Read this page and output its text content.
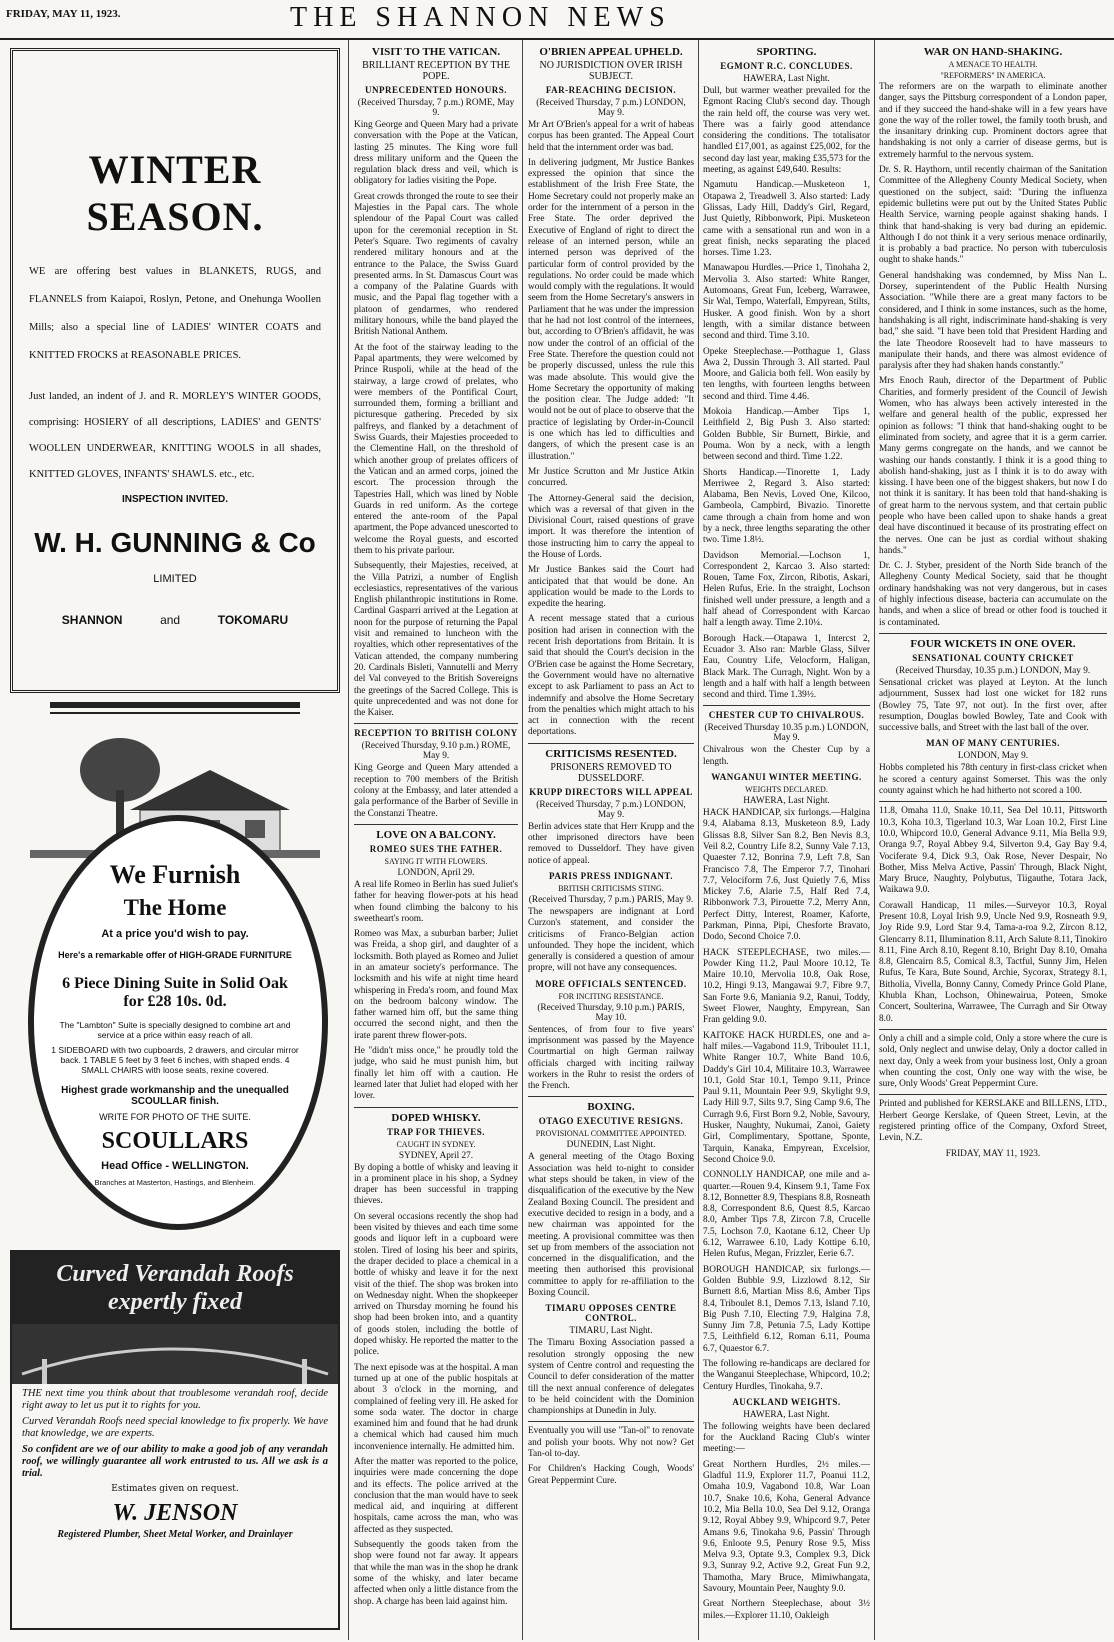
FRIDAY, MAY 11, 1923.	THE SHANNON NEWS
WINTER SEASON.

WE are offering best values in BLANKETS, RUGS, and FLANNELS from Kaiapoi, Roslyn, Petone, and Onehunga Woollen Mills; also a special line of LADIES' WINTER COATS and KNITTED FROCKS at REASONABLE PRICES.

Just landed, an indent of J. and R. MORLEY'S WINTER GOODS, comprising: HOSIERY of all descriptions, LADIES' and GENTS' WOOLLEN UNDERWEAR, KNITTING WOOLS in all shades, KNITTED GLOVES, INFANTS' SHAWLS. etc., etc.

INSPECTION INVITED.
W. H. GUNNING & Co
LIMITED
SHANNON	and	TOKOMARU
We Furnish
The Home
At a price you'd wish to pay.
Here's a remarkable offer of HIGH-GRADE FURNITURE
6 Piece Dining Suite in Solid Oak for £28 10s. 0d.
The "Lambton" Suite is specially designed to combine art and service at a price within easy reach of all.
1 SIDEBOARD with two cupboards, 2 drawers, and circular mirror back. 1 TABLE 5 feet by 3 feet 6 inches, with shaped ends. 4 SMALL CHAIRS with loose seats, rexine covered.
Highest grade workmanship and the unequalled SCOULLAR finish.
WRITE FOR PHOTO OF THE SUITE.
SCOULLARS
Head Office - WELLINGTON.
Branches at Masterton, Hastings, and Blenheim.
Curved Verandah Roofs
expertly fixed

THE next time you think about that troublesome verandah roof, decide right away to let us put it to rights for you.

Curved Verandah Roofs need special knowledge to fix properly. We have that knowledge, we are experts.

So confident are we of our ability to make a good job of any verandah roof, we willingly guarantee all work entrusted to us. All we ask is a trial.

Estimates given on request.
W. JENSON
Registered Plumber, Sheet Metal Worker, and Drainlayer
VISIT TO THE VATICAN.
BRILLIANT RECEPTION BY THE POPE.
UNPRECEDENTED HONOURS.
(Received Thursday, 7 p.m.) ROME, May 9.

King George and Queen Mary had a private conversation with the Pope at the Vatican, lasting 25 minutes. The King wore full dress military uniform and the Queen the regulation black dress and veil, which is obligatory for ladies visiting the Pope.

Great crowds thronged the route to see their Majesties in the Papal cars. The whole splendour of the Papal Court was called upon for the ceremonial reception in St. Peter's Square. Two regiments of cavalry rendered military honours and at the entrance to the Palace, the Swiss Guard presented arms. In St. Damascus Court was a company of the Palatine Guards with music, and the Papal flag together with a platoon of gendarmes, who rendered military honours, while the band played the British National Anthem.

At the foot of the stairway leading to the Papal apartments, they were welcomed by Prince Ruspoli, while at the head of the stairway, a large crowd of prelates, who were members of the Pontifical Court, surrounded them, forming a brilliant and picturesque gathering. Preceded by six palfreys, and flanked by a detachment of Swiss Guards, their Majesties proceeded to the Clementine Hall, on the threshold of which another group of prelates officers of the Vatican and an armed corps, joined the escort. The procession through the Tapestries Hall, which was lined by Noble Guards in red uniform. As the cortege entered the ante-room of the Papal apartment, the Pope advanced unescorted to welcome the Royal guests, and escorted them to his private parlour.

Subsequently, their Majesties, received, at the Villa Patrizi, a number of English ecclesiastics, representatives of the various English philanthropic institutions in Rome. Cardinal Gasparri arrived at the Legation at noon for the purpose of returning the Papal visit and remained to luncheon with the royalties, which other representatives of the Vatican attended, the company numbering 20. Cardinals Bisleti, Vannutelli and Merry del Val conveyed to the British Sovereigns the greetings of the Sacred College. This is quite unprecedented and was not done for the Kaiser.

RECEPTION TO BRITISH COLONY
(Received Thursday, 9.10 p.m.) ROME, May 9.

King George and Queen Mary attended a reception to 700 members of the British colony at the Embassy, and later attended a gala performance of the Barber of Seville in the Constanzi Theatre.

LOVE ON A BALCONY.
ROMEO SUES THE FATHER.
SAYING IT WITH FLOWERS.
LONDON, April 29.

A real life Romeo in Berlin has sued Juliet's father for heaving flower-pots at his head when found climbing the balcony to his sweetheart's room.

Romeo was Max, a suburban barber; Juliet was Freida, a shop girl, and daughter of a locksmith. Both played as Romeo and Juliet in an amateur society's performance. The locksmith and his wife at night time heard whispering in Freda's room, and found Max on the bedroom balcony window. The father warned him off, but the same thing occurred the second night, and then the irate parent threw flower-pots.

He "didn't miss once," he proudly told the judge, who said he must punish him, but finally let him off with a caution. He learned later that Juliet had eloped with her lover.

DOPED WHISKY.
TRAP FOR THIEVES.
CAUGHT IN SYDNEY.
SYDNEY, April 27.

By doping a bottle of whisky and leaving it in a prominent place in his shop, a Sydney draper has been successful in trapping thieves.

On several occasions recently the shop had been visited by thieves and each time some goods and liquor left in a cupboard were stolen. Tired of losing his beer and spirits, the draper decided to place a chemical in a bottle of whisky and leave it for the next visit of the thief. The shop was broken into on Wednesday night. When the shopkeeper arrived on Thursday morning he found his shop had been broken into, and a quantity of goods stolen, including the bottle of doped whisky. He reported the matter to the police.

The next episode was at the hospital. A man turned up at one of the public hospitals at about 3 o'clock in the morning, and complained of feeling very ill. He asked for some soda water. The doctor in charge examined him and found that he had drunk a chemical which had caused him much inconvenience internally. He admitted him.

After the matter was reported to the police, inquiries were made concerning the dope and its effects. The police arrived at the conclusion that the man would have to seek medical aid, and inquiring at different hospitals, came across the man, who was affected as they suspected.

Subsequently the goods taken from the shop were found not far away. It appears that while the man was in the shop he drank some of the whisky, and later became affected when only a little distance from the shop. A charge has been laid against him.

O'BRIEN APPEAL UPHELD.
NO JURISDICTION OVER IRISH SUBJECT.
FAR-REACHING DECISION.
(Received Thursday, 7 p.m.) LONDON, May 9.

Mr Art O'Brien's appeal for a writ of habeas corpus has been granted. The Appeal Court held that the internment order was bad.

In delivering judgment, Mr Justice Bankes expressed the opinion that since the establishment of the Irish Free State, the Home Secretary could not properly make an order for the internment of a person in the Free State. The order deprived the Executive of England of right to direct the release of an interned person, while an interned person was deprived of the particular form of control provided by the regulations. No order could be made which would comply with the regulations. It would seem from the Home Secretary's answers in Parliament that he was under the impression that he had not lost control of the internees, but, according to O'Brien's affidavit, he was now under the control of an official of the Free State. Therefore the question could not be properly discussed, unless the rule this was made absolute. This would give the Home Secretary the opportunity of making the position clear. The Judge added: "It would not be out of place to observe that the practice of legislating by Order-in-Council is one which has led to difficulties and dangers, of which the present case is an illustration."

Mr Justice Scrutton and Mr Justice Atkin concurred.

The Attorney-General said the decision, which was a reversal of that given in the Divisional Court, raised questions of grave import. It was therefore the intention of those instructing him to carry the appeal to the House of Lords.

Mr Justice Bankes said the Court had anticipated that that would be done. An application would be made to the Lords to expedite the hearing.

A recent message stated that a curious position had arisen in connection with the recent Irish deportations from Britain. It is said that should the Court's decision in the O'Brien case be against the Home Secretary, the Government would have no alternative except to ask Parliament to pass an Act to indemnify and absolve the Home Secretary from the penalties which might attach to his act in connection with the recent deportations.

CRITICISMS RESENTED.
PRISONERS REMOVED TO DUSSELDORF.
KRUPP DIRECTORS WILL APPEAL
(Received Thursday, 7 p.m.) LONDON, May 9.

Berlin advices state that Herr Krupp and the other imprisoned directors have been removed to Dusseldorf. They have given notice of appeal.

PARIS PRESS INDIGNANT.
BRITISH CRITICISMS STING.
(Received Thursday, 7 p.m.) PARIS, May 9.

The newspapers are indignant at Lord Curzon's statement, and consider the criticisms of Franco-Belgian action unfounded. They hope the incident, which generally is considered a question of amour propre, will not have any consequences.

MORE OFFICIALS SENTENCED.
FOR INCITING RESISTANCE.
(Received Thursday, 9.10 p.m.) PARIS, May 10.

Sentences, of from four to five years' imprisonment was passed by the Mayence Courtmartial on high German railway officials charged with inciting railway workers in the Ruhr to resist the orders of the French.

BOXING.
OTAGO EXECUTIVE RESIGNS.
PROVISIONAL COMMITTEE APPOINTED.
DUNEDIN, Last Night.

A general meeting of the Otago Boxing Association was held to-night to consider what steps should be taken, in view of the disqualification of the executive by the New Zealand Boxing Council. The president and executive decided to resign in a body, and a new chairman was appointed for the meeting. A provisional committee was then set up from members of the association not concerned in the disqualification, and the meeting then authorised this provisional committee to apply for re-affiliation to the Boxing Council.

TIMARU OPPOSES CENTRE CONTROL.
TIMARU, Last Night.

The Timaru Boxing Association passed a resolution strongly opposing the new system of Centre control and requesting the Council to defer consideration of the matter till the next annual conference of delegates to be held coincident with the Dominion championships at Dunedin in July.

Eventually you will use "Tan-ol" to renovate and polish your boots. Why not now? Get Tan-ol to-day.

For Children's Hacking Cough, Woods' Great Peppermint Cure.

SPORTING.
EGMONT R.C. CONCLUDES.
HAWERA, Last Night.

Dull, but warmer weather prevailed for the Egmont Racing Club's second day. Though the rain held off, the course was very wet. There was a fairly good attendance considering the conditions. The totalisator handled £17,001, as against £25,002, for the second day last year, making £35,573 for the meeting, as against £49,640. Results:

Ngamutu Handicap.—Musketeon 1, Otapawa 2, Treadwell 3. Also started: Lady Glissas, Lady Hill, Daddy's Girl, Regard, Just Quietly, Ribbonwork, Pipi. Musketeon came with a sensational run and won in a great finish, necks separating the placed horses. Time 1.23.

Manawapou Hurdles.—Price 1, Tinohaha 2, Mervolia 3. Also started: White Ranger, Automoans, Great Fun, Iceberg, Warrawee, Sir Wal, Tempo, Waterfall, Empyrean, Stilts, Husker. A good finish. Won by a short length, with a similar distance between second and third. Time 3.10.

Opeke Steeplechase.—Potthague 1, Glass Awa 2, Dussin Through 3. All started. Paul Moore, and Galicia both fell. Won easily by ten lengths, with fourteen lengths between second and third. Time 4.46.

Mokoia Handicap.—Amber Tips 1, Leithfield 2, Big Push 3. Also started: Golden Bubble, Sir Burnett, Birkie, and Pouma. Won by a neck, with a length between second and third. Time 1.22.

Shorts Handicap.—Tinorette 1, Lady Merriwee 2, Regard 3. Also started: Alabama, Ben Nevis, Loved One, Kilcoo, Gambeola, Campbird, Bivazio. Tinorette came through a chain from home and won by a neck, three lengths separating the other two. Time 1.8½.

Davidson Memorial.—Lochson 1, Correspondent 2, Karcao 3. Also started: Rouen, Tame Fox, Zircon, Ribotis, Askari, Helen Rufus, Erie. In the straight, Lochson finished well under pressure, a length and a half ahead of Correspondent with Karcao half a length away. Time 2.10¼.

Borough Hack.—Otapawa 1, Intercst 2, Ecuador 3. Also ran: Marble Glass, Silver Eau, Country Life, Velocform, Haligan, Black Mark. The Curragh, Night. Won by a length and a half with half a length between second and third. Time 1.39½.

CHESTER CUP TO CHIVALROUS.
(Received Thursday 10.35 p.m.) LONDON, May 9.

Chivalrous won the Chester Cup by a length.

WANGANUI WINTER MEETING.
WEIGHTS DECLARED.
HAWERA, Last Night.

HACK HANDICAP, six furlongs.—Halgina 9.4, Alabama 8.13, Musketeon 8.9, Lady Glissas 8.8, Silver San 8.2, Ben Nevis 8.3, Veil 8.2, Country Life 8.2, Sunny Vale 7.13, Quaester 7.12, Bonrina 7.9, Left 7.8, San Francisco 7.8, The Emperor 7.7, Tinohari 7.7, Velociform 7.6, Just Quietly 7.6, Miss Mickey 7.6, Alarie 7.5, Half Red 7.4, Ribbonwork 7.3, Pirouette 7.2, Merry Ann, Perfect Ditty, Interest, Roamer, Kaforte, Parkman, Pinna, Pipi, Chesforte Bravato, Dodo, Second Choice 7.0.

HACK STEEPLECHASE, two miles.—Powder King 11.2, Paul Moore 10.12, Te Maire 10.10, Mervolia 10.8, Oak Rose, 10.2, Hingi 9.13, Mangawai 9.7, Fibre 9.7, San Forte 9.6, Maniania 9.2, Ranui, Toddy, Sweet Flower, Naughty, Empyrean, San Fran gelding 9.0.

KAITOKE HACK HURDLES, one and a-half miles.—Vagabond 11.9, Triboulet 11.1, White Ranger 10.7, White Band 10.6, Daddy's Girl 10.4, Militaire 10.3, Warrawee 10.1, Gold Star 10.1, Tempo 9.11, Prince Paul 9.11, Mountain Peer 9.9, Skylight 9.9, Lady Hill 9.7, Silts 9.7, Sing Camp 9.6, The Curragh 9.6, First Born 9.2, Noble, Savoury, Husker, Naughty, Nukumai, Zanoi, Gaiety Girl, Complimentary, Spottane, Sponte, Tarquin, Kanaka, Empyrean, Excelsior, Second Choice 9.0.

CONNOLLY HANDICAP, one mile and a-quarter.—Rouen 9.4, Kinsem 9.1, Tame Fox 8.12, Bonnetter 8.9, Thespians 8.8, Rosneath 8.8, Correspondent 8.6, Quest 8.5, Karcao 8.0, Amber Tips 7.8, Zircon 7.8, Crucelle 7.5, Lochson 7.0, Kaotane 6.12, Cheer Up 6.12, Warrawee 6.10, Lady Kottipe 6.10, Helen Rufus, Megan, Frizzler, Eerie 6.7.

BOROUGH HANDICAP, six furlongs.—Golden Bubble 9.9, Lizzlowd 8.12, Sir Burnett 8.6, Martian Miss 8.6, Amber Tips 8.4, Triboulet 8.1, Demos 7.13, Island 7.10, Big Push 7.10, Electing 7.9, Halgina 7.8, Sunny Jim 7.8, Petunia 7.5, Lady Kottipe 7.5, Leithfield 6.12, Roman 6.11, Pouma 6.7, Quaestor 6.7.

The following re-handicaps are declared for the Wanganui Steeplechase, Whipcord, 10.2; Century Hurdles, Tinokaha, 9.7.

AUCKLAND WEIGHTS.
HAWERA, Last Night.

The following weights have been declared for the Auckland Racing Club's winter meeting:—

Great Northern Hurdles, 2½ miles.—Gladful 11.9, Explorer 11.7, Poanui 11.2, Omaha 10.9, Vagabond 10.8, War Loan 10.7, Snake 10.6, Koha, General Advance 10.2, Mia Bella 10.0, Sea Del 9.12, Oranga 9.12, Royal Abbey 9.9, Whipcord 9.7, Peter Amans 9.6, Tinokaha 9.6, Passin' Through 9.6, Enloote 9.5, Penury Rose 9.5, Miss Melva 9.3, Optate 9.3, Complex 9.3, Dick 9.3, Sunray 9.2, Active 9.2, Great Fun 9.2, Thamotha, Mary Bruce, Mimiwhangata, Savoury, Mountain Peer, Naughty 9.0.

Great Northern Steeplechase, about 3½ miles.—Explorer 11.10, Oakleigh

WAR ON HAND-SHAKING.
A MENACE TO HEALTH.
"REFORMERS" IN AMERICA.

The reformers are on the warpath to eliminate another danger, says the Pittsburg correspondent of a London paper, and if they succeed the hand-shake will in a few years have gone the way of the roller towel, the family tooth brush, and the insanitary drinking cup. Prominent doctors agree that handshaking is not only a carrier of disease germs, but is extremely harmful to the nervous system.

Dr. S. R. Haythorn, until recently chairman of the Sanitation Committee of the Allegheny County Medical Society, when questioned on the subject, said: "During the influenza epidemic bulletins were put out by the United States Public Health Service, warning people against shaking hands. I think that hand-shaking is very bad during an epidemic. Although I do not think it a very serious menace ordinarily, it is probably a bad practice. No person with tuberculosis ought to shake hands."

General handshaking was condemned, by Miss Nan L. Dorsey, superintendent of the Public Health Nursing Association. "While there are a great many factors to be considered, and I think in some instances, such as the home, handshaking is all right, indiscriminate hand-shaking is very bad," she said. "I have been told that President Harding and the late Theodore Roosevelt had to have masseurs to manipulate their hands, and there was almost evidence of paralysis after they had shaken hands constantly."

Mrs Enoch Rauh, director of the Department of Public Charities, and formerly president of the Council of Jewish Women, who has always been actively interested in the welfare and general health of the public, expressed her opinion as follows: "I think that hand-shaking ought to be eliminated from society, and agree that it is a germ carrier. Many germs congregate on the hands, and we cannot be washing our hands constantly. I think it is a good thing to abolish hand-shaking, just as I think it is to do away with kissing. I have been one of the biggest shakers, but now I do not think it is sanitary. It has been told that hand-shaking is of great harm to the nervous system, and that certain public people who have been called upon to shake hands a great deal have discontinued it because of its prostrating effect on the nerves. One can be just as cordial without shaking hands."

Dr. C. J. Styber, president of the North Side branch of the Allegheny County Medical Society, said that he thought ordinary handshaking was not very dangerous, but in cases of highly infectious disease, bacteria can accumulate on the hands, and when a slice of bread or other food is touched it is contaminated.

FOUR WICKETS IN ONE OVER.
SENSATIONAL COUNTY CRICKET
(Received Thursday, 10.35 p.m.) LONDON, May 9.

Sensational cricket was played at Leyton. At the lunch adjournment, Sussex had lost one wicket for 182 runs (Bowley 75, Tate 97, not out). In the first over, after resumption, Douglas bowled Bowley, Tate and Cook with successive balls, and Street with the last ball of the over.

MAN OF MANY CENTURIES.
LONDON, May 9.

Hobbs completed his 78th century in first-class cricket when he scored a century against Somerset. This was the only county against which he had hitherto not scored a 100.

11.8, Omaha 11.0, Snake 10.11, Sea Del 10.11, Pittsworth 10.3, Koha 10.3, Tigerland 10.3, War Loan 10.2, First Line 10.0, Whipcord 10.0, General Advance 9.11, Mia Bella 9.9, Oranga 9.7, Royal Abbey 9.4, Silverton 9.4, Gay Bay 9.4, Vociferate 9.4, Dick 9.3, Oak Rose, Never Despair, No Bother, Miss Melva Active, Passin' Through, Black Night, Mary Bruce, Naughty, Polybutus, Tiigauthe, Totara Jack, Waikawa 9.0.

Corawall Handicap, 11 miles.—Surveyor 10.3, Royal Present 10.8, Loyal Irish 9.9, Uncle Ned 9.9, Rosneath 9.9, Joy Ride 9.9, Lord Star 9.4, Tama-a-roa 9.2, Zircon 8.12, Glencarry 8.11, Illumination 8.11, Arch Salute 8.11, Tinokiro 8.11, Fine Arch 8.10, Regent 8.10, Bright Day 8.10, Omaha 8.8, Glencairn 8.5, Comical 8.3, Tactful, Sunny Jim, Helen Rufus, Te Kara, Bute Sound, Archie, Sycorax, Strategy 8.1, Bitholia, Vivella, Bonny Canny, Comedy Prince Gold Plane, Khubla Khan, Lochson, Ohinewairua, Poteen, Smoke Concert, Soulterina, Warrawee, The Curragh and Sir Otway 8.0.

Only a chill and a simple cold, Only a store where the cure is sold, Only neglect and unwise delay, Only a doctor called in next day, Only a week from your business lost, Only a groan when counting the cost, Only one way with the wise, be sure, Only Woods' Great Peppermint Cure.

Printed and published for KERSLAKE and BILLENS, LTD., Herbert George Kerslake, of Queen Street, Levin, at the registered printing office of the Company, Oxford Street, Levin, N.Z.

FRIDAY, MAY 11, 1923.
